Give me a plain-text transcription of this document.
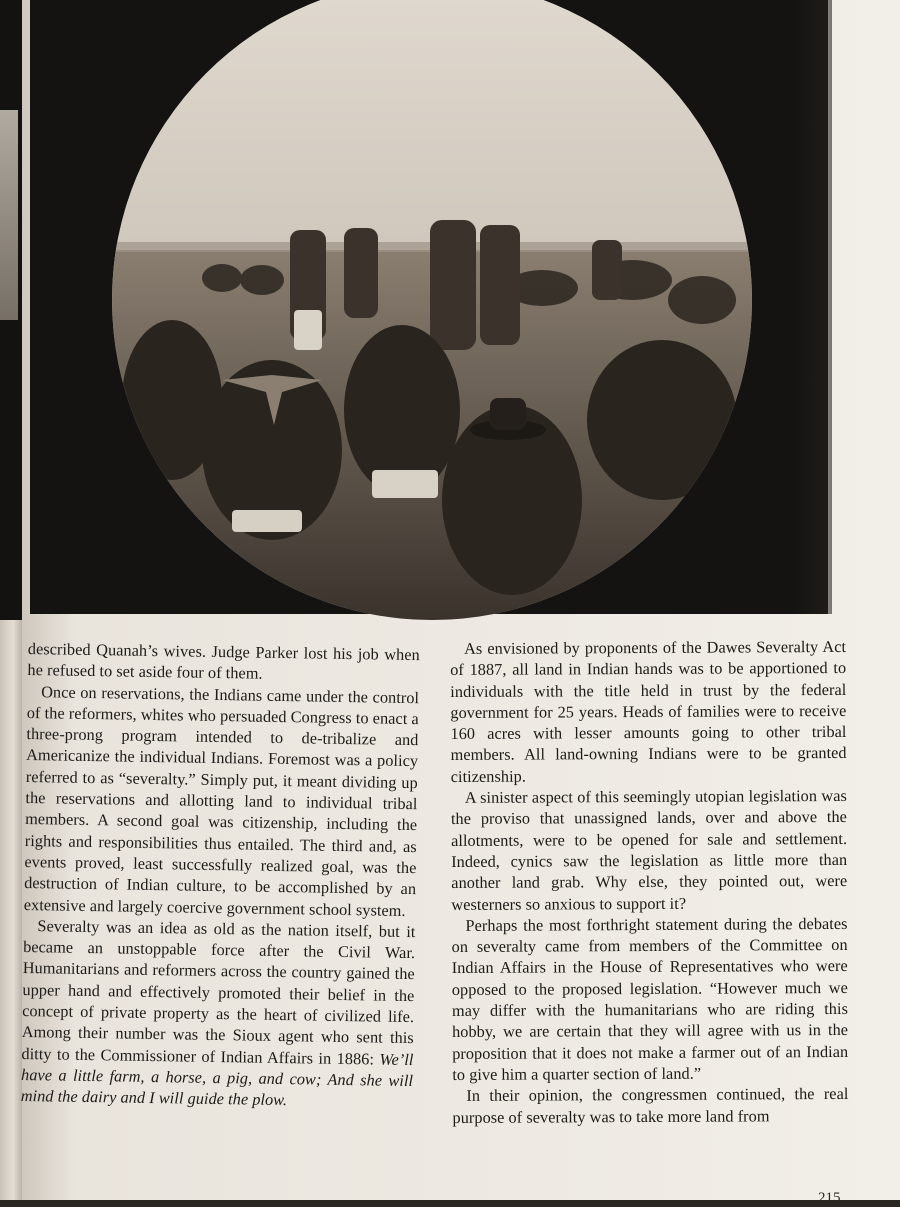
described Quanah’s wives. Judge Parker lost his job when he refused to set aside four of them.

Once on reservations, the Indians came under the control of the reformers, whites who persuaded Congress to enact a three-prong program intended to de-tribalize and Americanize the individual Indians. Foremost was a policy referred to as “severalty.” Simply put, it meant dividing up the reservations and allotting land to individual tribal members. A second goal was citizenship, including the rights and responsibilities thus entailed. The third and, as events proved, least successfully realized goal, was the destruction of Indian culture, to be accomplished by an extensive and largely coercive government school system.

Severalty was an idea as old as the nation itself, but it became an unstoppable force after the Civil War. Humanitarians and reformers across the country gained the upper hand and effectively promoted their belief in the concept of private property as the heart of civilized life. Among their number was the Sioux agent who sent this ditty to the Commissioner of Indian Affairs in 1886: We’ll have a little farm, a horse, a pig, and cow; And she will mind the dairy and I will guide the plow.

As envisioned by proponents of the Dawes Severalty Act of 1887, all land in Indian hands was to be apportioned to individuals with the title held in trust by the federal government for 25 years. Heads of families were to receive 160 acres with lesser amounts going to other tribal members. All land-owning Indians were to be granted citizenship.

A sinister aspect of this seemingly utopian legislation was the proviso that unassigned lands, over and above the allotments, were to be opened for sale and settlement. Indeed, cynics saw the legislation as little more than another land grab. Why else, they pointed out, were westerners so anxious to support it?

Perhaps the most forthright statement during the debates on severalty came from members of the Committee on Indian Affairs in the House of Representatives who were opposed to the proposed legislation. “However much we may differ with the humanitarians who are riding this hobby, we are certain that they will agree with us in the proposition that it does not make a farmer out of an Indian to give him a quarter section of land.”

In their opinion, the congressmen continued, the real purpose of severalty was to take more land from

215
